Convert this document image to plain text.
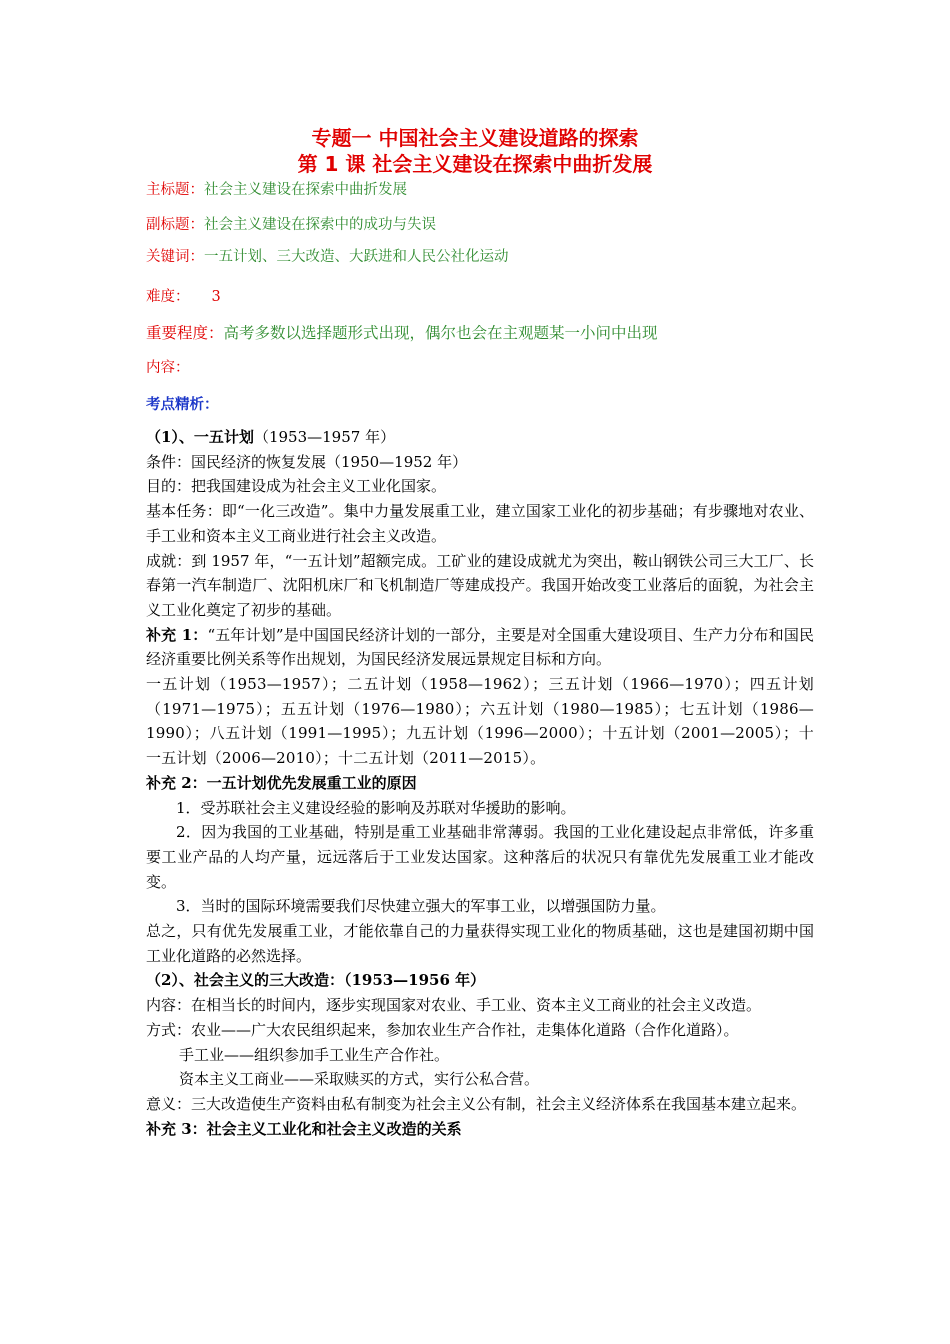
专题一 中国社会主义建设道路的探索
第 1 课 社会主义建设在探索中曲折发展
主标题：社会主义建设在探索中曲折发展
副标题：社会主义建设在探索中的成功与失误
关键词：一五计划、三大改造、大跃进和人民公社化运动
难度： 3
重要程度：高考多数以选择题形式出现，偶尔也会在主观题某一小问中出现
内容：
考点精析：

（1）、一五计划（1953—1957 年）

条件：国民经济的恢复发展（1950—1952 年）

目的：把我国建设成为社会主义工业化国家。

基本任务：即“一化三改造”。集中力量发展重工业，建立国家工业化的初步基础；有步骤地对农业、手工业和资本主义工商业进行社会主义改造。

成就：到 1957 年，“一五计划”超额完成。工矿业的建设成就尤为突出，鞍山钢铁公司三大工厂、长春第一汽车制造厂、沈阳机床厂和飞机制造厂等建成投产。我国开始改变工业落后的面貌，为社会主义工业化奠定了初步的基础。

补充 1：“五年计划”是中国国民经济计划的一部分，主要是对全国重大建设项目、生产力分布和国民经济重要比例关系等作出规划，为国民经济发展远景规定目标和方向。

一五计划（1953—1957）；二五计划（1958—1962）；三五计划（1966—1970）；四五计划（1971—1975）；五五计划（1976—1980）；六五计划（1980—1985）；七五计划（1986—1990）；八五计划（1991—1995）；九五计划（1996—2000）；十五计划（2001—2005）；十一五计划（2006—2010）；十二五计划（2011—2015）。

补充 2：一五计划优先发展重工业的原因

1．受苏联社会主义建设经验的影响及苏联对华援助的影响。

2．因为我国的工业基础，特别是重工业基础非常薄弱。我国的工业化建设起点非常低，许多重要工业产品的人均产量，远远落后于工业发达国家。这种落后的状况只有靠优先发展重工业才能改变。

3．当时的国际环境需要我们尽快建立强大的军事工业，以增强国防力量。

总之，只有优先发展重工业，才能依靠自己的力量获得实现工业化的物质基础，这也是建国初期中国工业化道路的必然选择。

（2）、社会主义的三大改造：（1953—1956 年）

内容：在相当长的时间内，逐步实现国家对农业、手工业、资本主义工商业的社会主义改造。

方式：农业——广大农民组织起来，参加农业生产合作社，走集体化道路（合作化道路）。

手工业——组织参加手工业生产合作社。

资本主义工商业——采取赎买的方式，实行公私合营。

意义：三大改造使生产资料由私有制变为社会主义公有制，社会主义经济体系在我国基本建立起来。

补充 3：社会主义工业化和社会主义改造的关系
